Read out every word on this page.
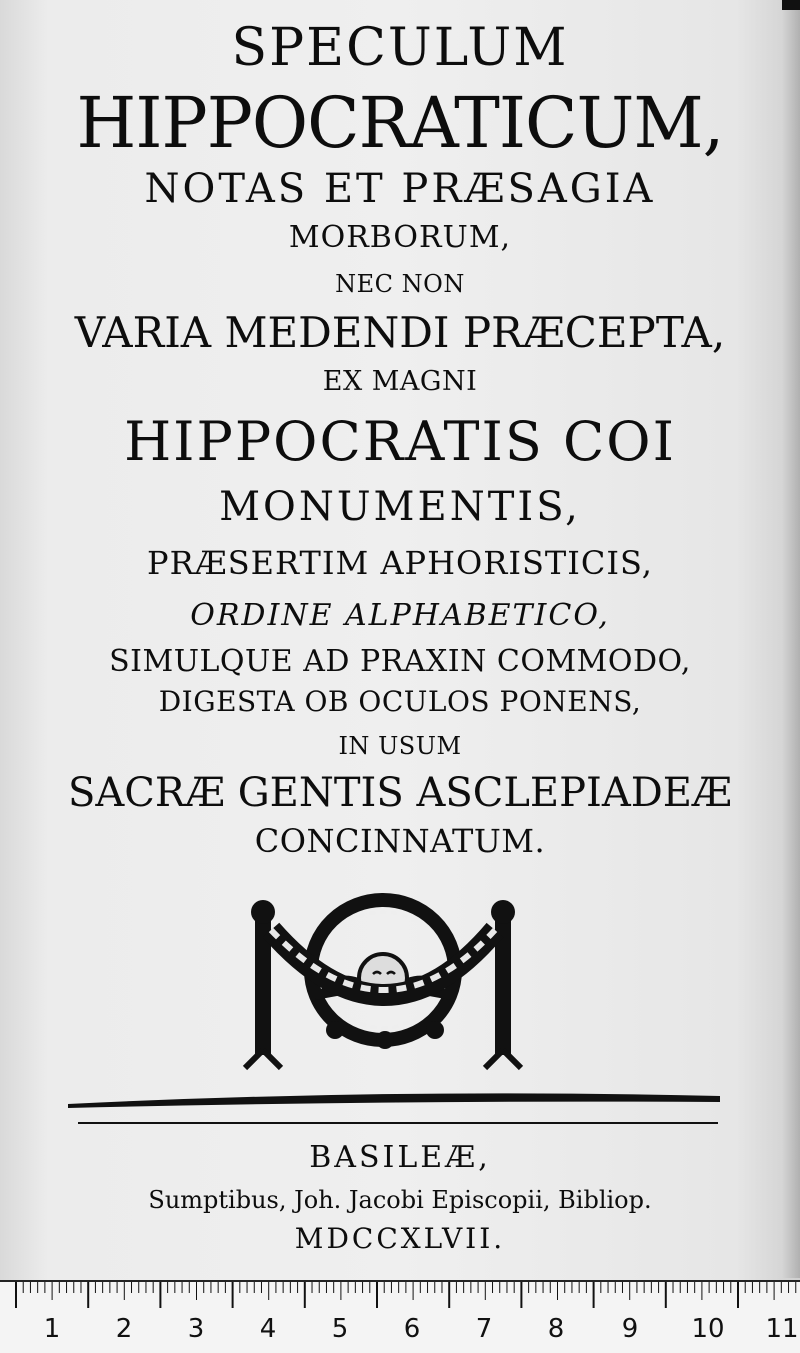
SPECULUM
HIPPOCRATICUM,
NOTAS ET PRÆSAGIA
MORBORUM,
NEC NON
VARIA MEDENDI PRÆCEPTA,
EX MAGNI
HIPPOCRATIS COI
MONUMENTIS,
PRÆSERTIM APHORISTICIS,
ORDINE ALPHABETICO,
SIMULQUE AD PRAXIN COMMODO,
DIGESTA OB OCULOS PONENS,
IN USUM
SACRÆ GENTIS ASCLEPIADEÆ
CONCINNATUM.
BASILEÆ,
Sumptibus, Joh. Jacobi Episcopii, Bibliop.
MDCCXLVII.
1 2 3 4 5 6 7 8 9 10 11
